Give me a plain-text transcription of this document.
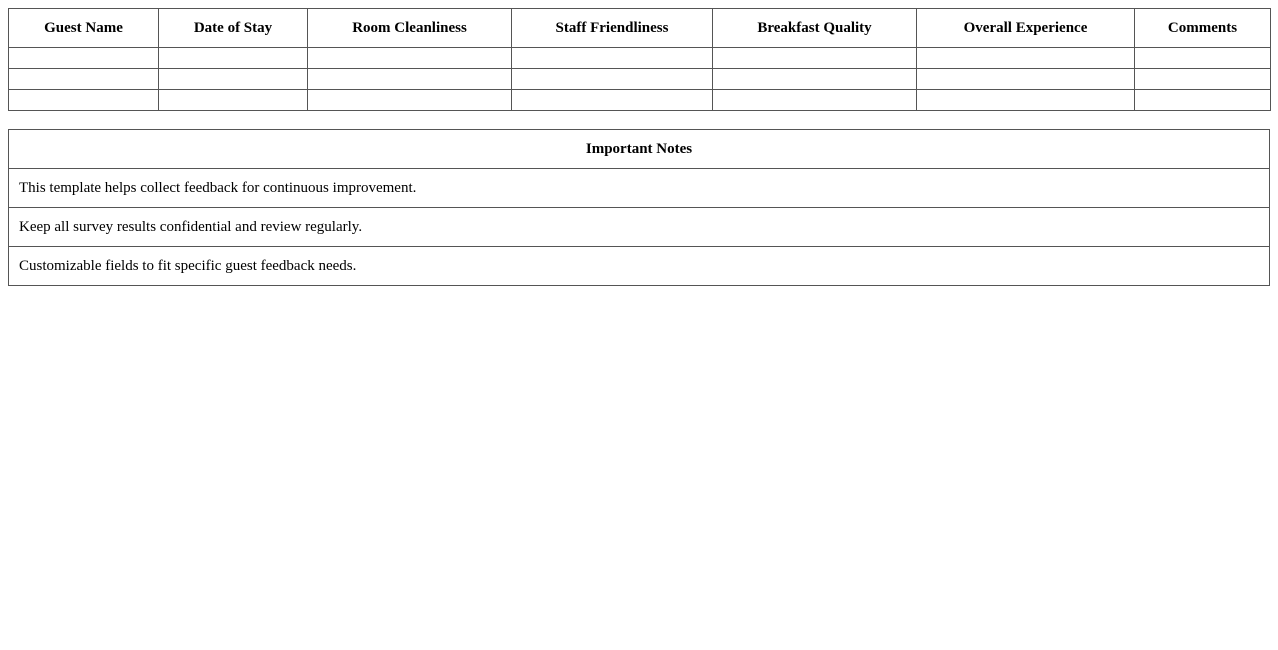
Guest Name	Date of Stay	Room Cleanliness	Staff Friendliness	Breakfast Quality	Overall Experience	Comments

Important Notes
This template helps collect feedback for continuous improvement.
Keep all survey results confidential and review regularly.
Customizable fields to fit specific guest feedback needs.
